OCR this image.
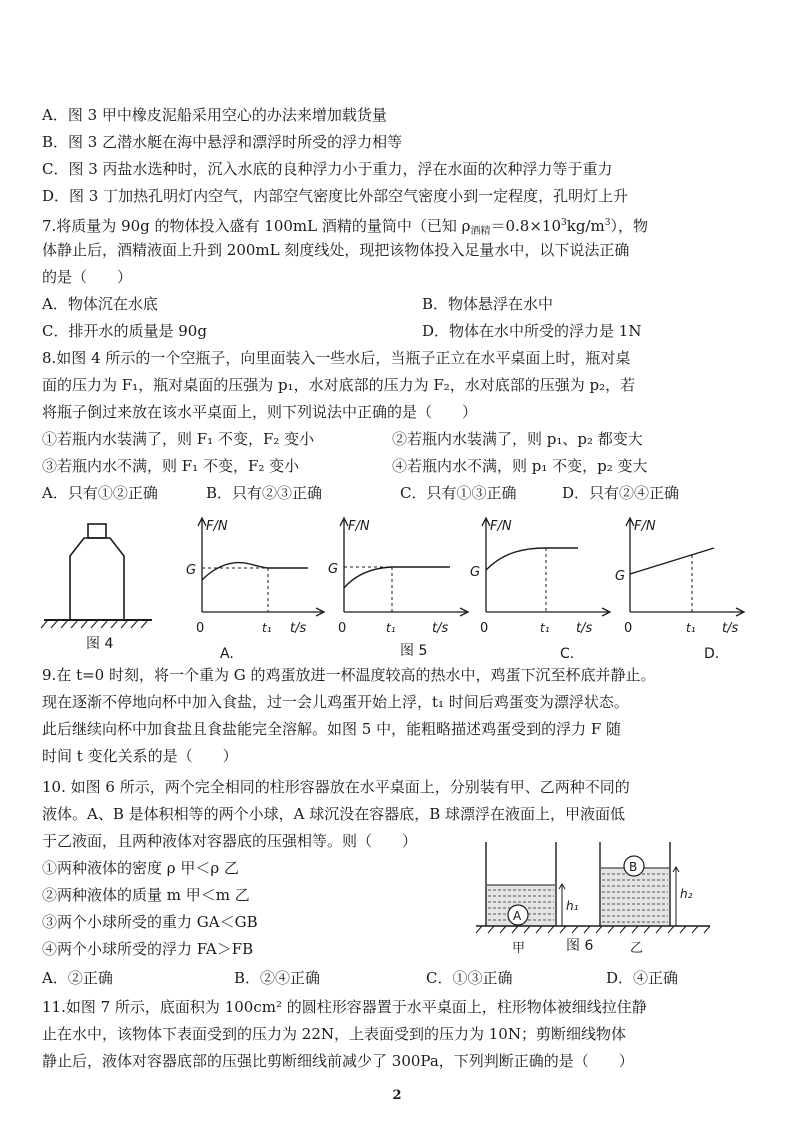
A．图 3 甲中橡皮泥船采用空心的办法来增加载货量
B．图 3 乙潜水艇在海中悬浮和漂浮时所受的浮力相等
C．图 3 丙盐水选种时，沉入水底的良种浮力小于重力，浮在水面的次种浮力等于重力
D．图 3 丁加热孔明灯内空气，内部空气密度比外部空气密度小到一定程度，孔明灯上升
7.将质量为 90g 的物体投入盛有 100mL 酒精的量筒中（已知 $\rho_{酒精}=0.8\times 10^3kg/m^3$），物
体静止后，酒精液面上升到 200mL 刻度线处，现把该物体投入足量水中，以下说法正确
的是（　　）
A．物体沉在水底	B．物体悬浮在水中
C．排开水的质量是 90g	D．物体在水中所受的浮力是 1N
8.如图 4 所示的一个空瓶子，向里面装入一些水后，当瓶子正立在水平桌面上时，瓶对桌
面的压力为 F₁，瓶对桌面的压强为 p₁，水对底部的压力为 F₂，水对底部的压强为 p₂，若
将瓶子倒过来放在该水平桌面上，则下列说法中正确的是（　　）
①若瓶内水装满了，则 F₁ 不变，F₂ 变小	②若瓶内水装满了，则 p₁、p₂ 都变大
③若瓶内水不满，则 F₁ 不变，F₂ 变小	④若瓶内水不满，则 p₁ 不变，p₂ 变大
A．只有①②正确	B．只有②③正确	C．只有①③正确	D．只有②④正确
图 4
F/N
G
0	t₁ t/s
A.
F/N
G
0	t₁	t/s
F/N
G
0	t₁ t/s
C.
图 5
F/N
G
0	t₁ t/s
D.
9.在 t=0 时刻，将一个重为 G 的鸡蛋放进一杯温度较高的热水中，鸡蛋下沉至杯底并静止。
现在逐渐不停地向杯中加入食盐，过一会儿鸡蛋开始上浮，t₁ 时间后鸡蛋变为漂浮状态。
此后继续向杯中加食盐且食盐能完全溶解。如图 5 中，能粗略描述鸡蛋受到的浮力 F 随
时间 t 变化关系的是（　　）
10. 如图 6 所示，两个完全相同的柱形容器放在水平桌面上，分别装有甲、乙两种不同的
液体。A、B 是体积相等的两个小球，A 球沉没在容器底，B 球漂浮在液面上，甲液面低
于乙液面，且两种液体对容器底的压强相等。则（　　）
①两种液体的密度 ρ 甲＜ρ 乙
②两种液体的质量 m 甲＜m 乙
③两个小球所受的重力 GA＜GB
④两个小球所受的浮力 FA＞FB
A．②正确	B．②④正确	C．①③正确	D．④正确
A
h₁
甲
B
h₂
乙
图 6
11.如图 7 所示，底面积为 100cm² 的圆柱形容器置于水平桌面上，柱形物体被细线拉住静
止在水中，该物体下表面受到的压力为 22N，上表面受到的压力为 10N；剪断细线物体
静止后，液体对容器底部的压强比剪断细线前减少了 300Pa，下列判断正确的是（　　）
2
